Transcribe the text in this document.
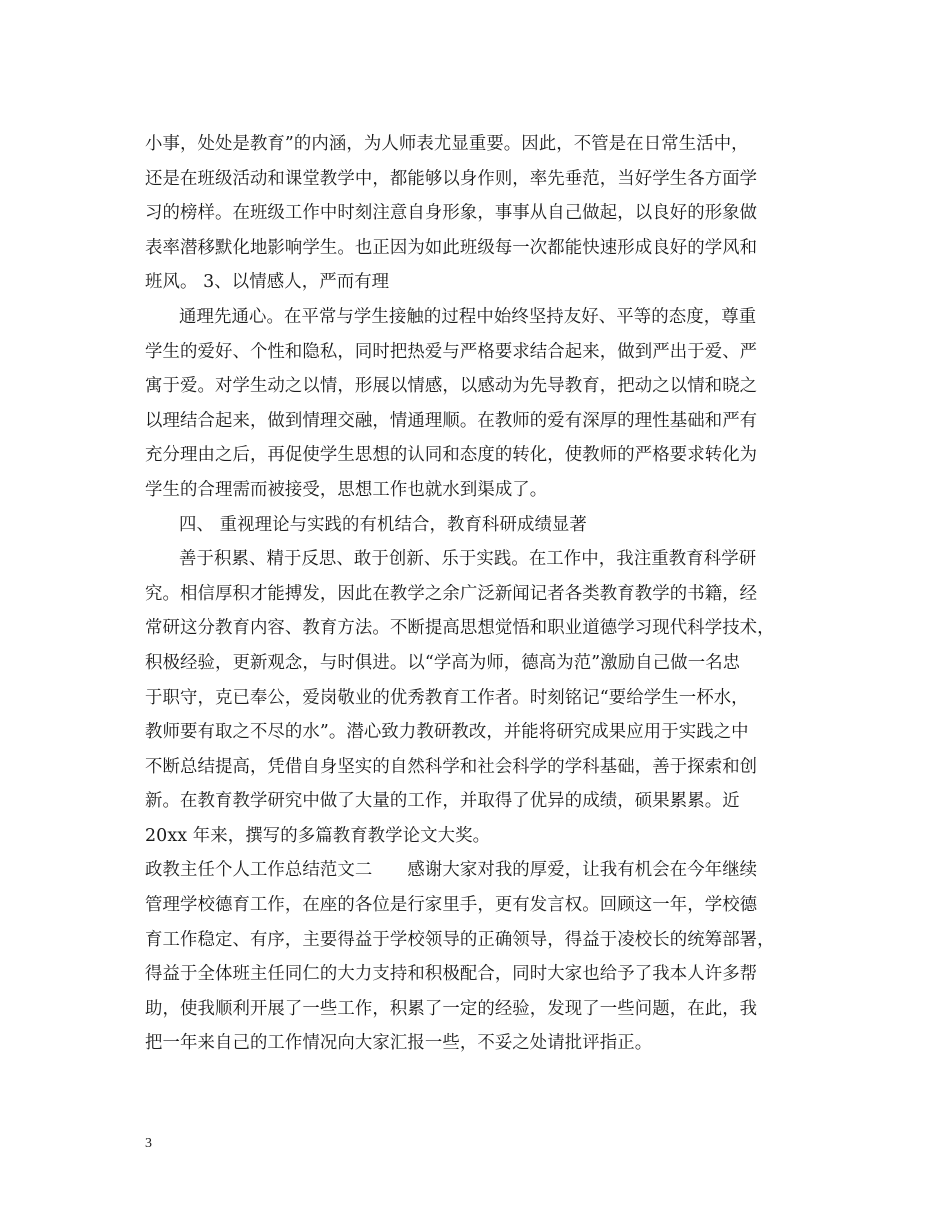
小事，处处是教育”的内涵，为人师表尤显重要。因此，不管是在日常生活中，
还是在班级活动和课堂教学中，都能够以身作则，率先垂范，当好学生各方面学
习的榜样。在班级工作中时刻注意自身形象，事事从自己做起，以良好的形象做
表率潜移默化地影响学生。也正因为如此班级每一次都能快速形成良好的学风和
班风。 3、以情感人，严而有理
通理先通心。在平常与学生接触的过程中始终坚持友好、平等的态度，尊重
学生的爱好、个性和隐私，同时把热爱与严格要求结合起来，做到严出于爱、严
寓于爱。对学生动之以情，形展以情感，以感动为先导教育，把动之以情和晓之
以理结合起来，做到情理交融，情通理顺。在教师的爱有深厚的理性基础和严有
充分理由之后，再促使学生思想的认同和态度的转化，使教师的严格要求转化为
学生的合理需而被接受，思想工作也就水到渠成了。
四、 重视理论与实践的有机结合，教育科研成绩显著
善于积累、精于反思、敢于创新、乐于实践。在工作中，我注重教育科学研
究。相信厚积才能搏发，因此在教学之余广泛新闻记者各类教育教学的书籍，经
常研这分教育内容、教育方法。不断提高思想觉悟和职业道德学习现代科学技术，
积极经验，更新观念，与时俱进。以“学高为师，德高为范”激励自己做一名忠
于职守，克已奉公，爱岗敬业的优秀教育工作者。时刻铭记“要给学生一杯水，
教师要有取之不尽的水”。潜心致力教研教改，并能将研究成果应用于实践之中
不断总结提高，凭借自身坚实的自然科学和社会科学的学科基础，善于探索和创
新。在教育教学研究中做了大量的工作，并取得了优异的成绩，硕果累累。近
20xx 年来，撰写的多篇教育教学论文大奖。
政教主任个人工作总结范文二　　感谢大家对我的厚爱，让我有机会在今年继续
管理学校德育工作，在座的各位是行家里手，更有发言权。回顾这一年，学校德
育工作稳定、有序，主要得益于学校领导的正确领导，得益于凌校长的统筹部署，
得益于全体班主任同仁的大力支持和积极配合，同时大家也给予了我本人许多帮
助，使我顺利开展了一些工作，积累了一定的经验，发现了一些问题，在此，我
把一年来自己的工作情况向大家汇报一些，不妥之处请批评指正。
3
